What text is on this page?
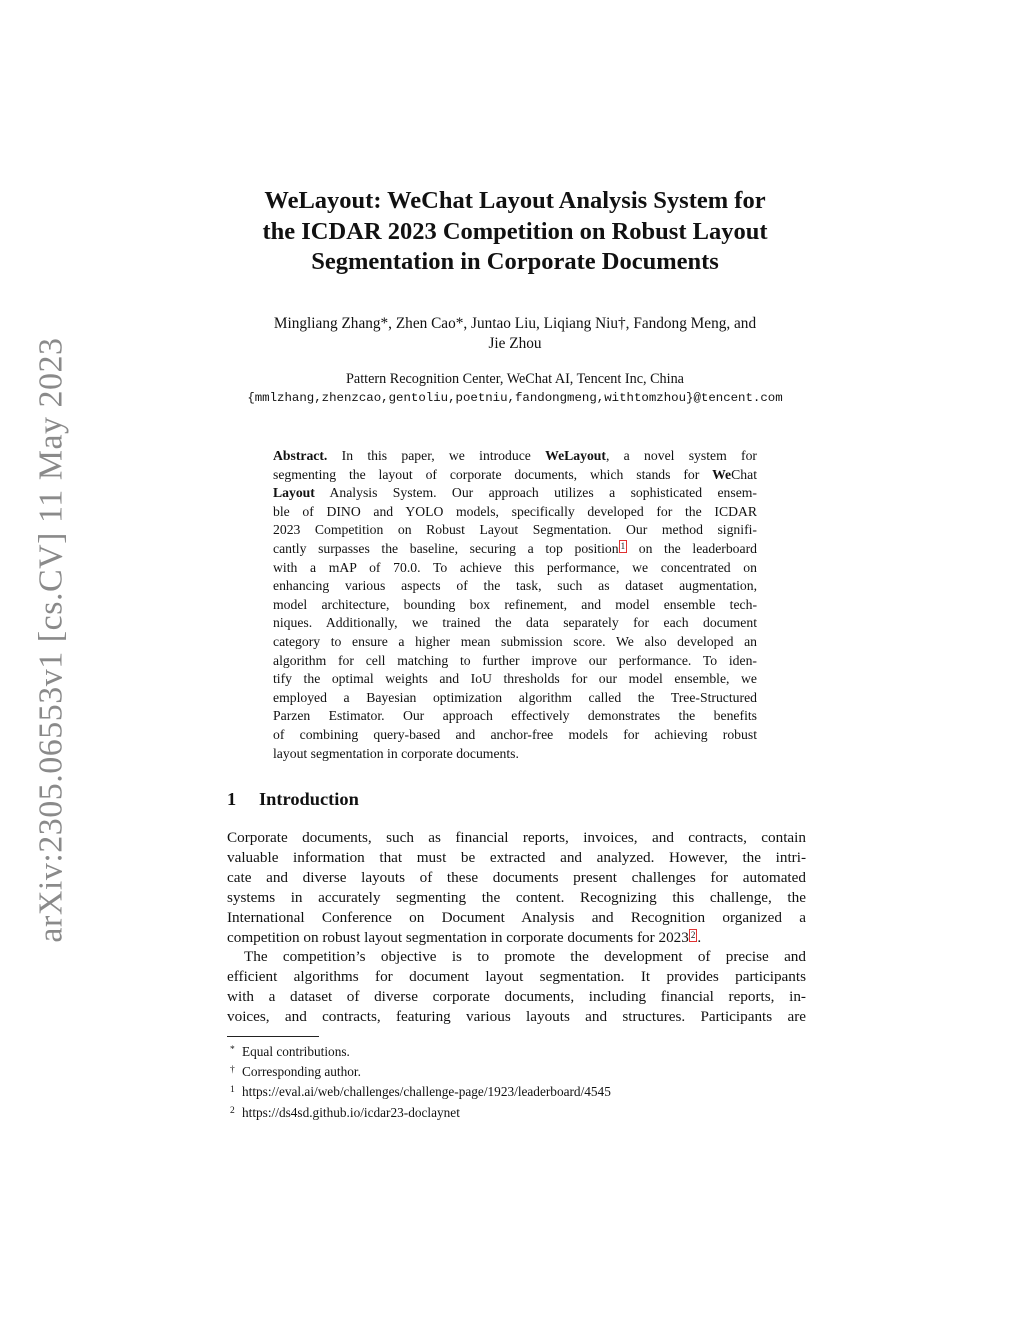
arXiv:2305.06553v1 [cs.CV] 11 May 2023
WeLayout: WeChat Layout Analysis System for
the ICDAR 2023 Competition on Robust Layout
Segmentation in Corporate Documents
Mingliang Zhang*, Zhen Cao*, Juntao Liu, Liqiang Niu†, Fandong Meng, and
Jie Zhou
Pattern Recognition Center, WeChat AI, Tencent Inc, China
{mmlzhang,zhenzcao,gentoliu,poetniu,fandongmeng,withtomzhou}@tencent.com
Abstract. In this paper, we introduce WeLayout, a novel system for
segmenting the layout of corporate documents, which stands for WeChat
Layout Analysis System. Our approach utilizes a sophisticated ensem-
ble of DINO and YOLO models, specifically developed for the ICDAR
2023 Competition on Robust Layout Segmentation. Our method signifi-
cantly surpasses the baseline, securing a top position 1 on the leaderboard
with a mAP of 70.0. To achieve this performance, we concentrated on
enhancing various aspects of the task, such as dataset augmentation,
model architecture, bounding box refinement, and model ensemble tech-
niques. Additionally, we trained the data separately for each document
category to ensure a higher mean submission score. We also developed an
algorithm for cell matching to further improve our performance. To iden-
tify the optimal weights and IoU thresholds for our model ensemble, we
employed a Bayesian optimization algorithm called the Tree-Structured
Parzen Estimator. Our approach effectively demonstrates the benefits
of combining query-based and anchor-free models for achieving robust
layout segmentation in corporate documents.
1 Introduction
Corporate documents, such as financial reports, invoices, and contracts, contain
valuable information that must be extracted and analyzed. However, the intri-
cate and diverse layouts of these documents present challenges for automated
systems in accurately segmenting the content. Recognizing this challenge, the
International Conference on Document Analysis and Recognition organized a
competition on robust layout segmentation in corporate documents for 2023 2 .
The competition’s objective is to promote the development of precise and
efficient algorithms for document layout segmentation. It provides participants
with a dataset of diverse corporate documents, including financial reports, in-
voices, and contracts, featuring various layouts and structures. Participants are
* Equal contributions.
† Corresponding author.
1 https://eval.ai/web/challenges/challenge-page/1923/leaderboard/4545
2 https://ds4sd.github.io/icdar23-doclaynet
